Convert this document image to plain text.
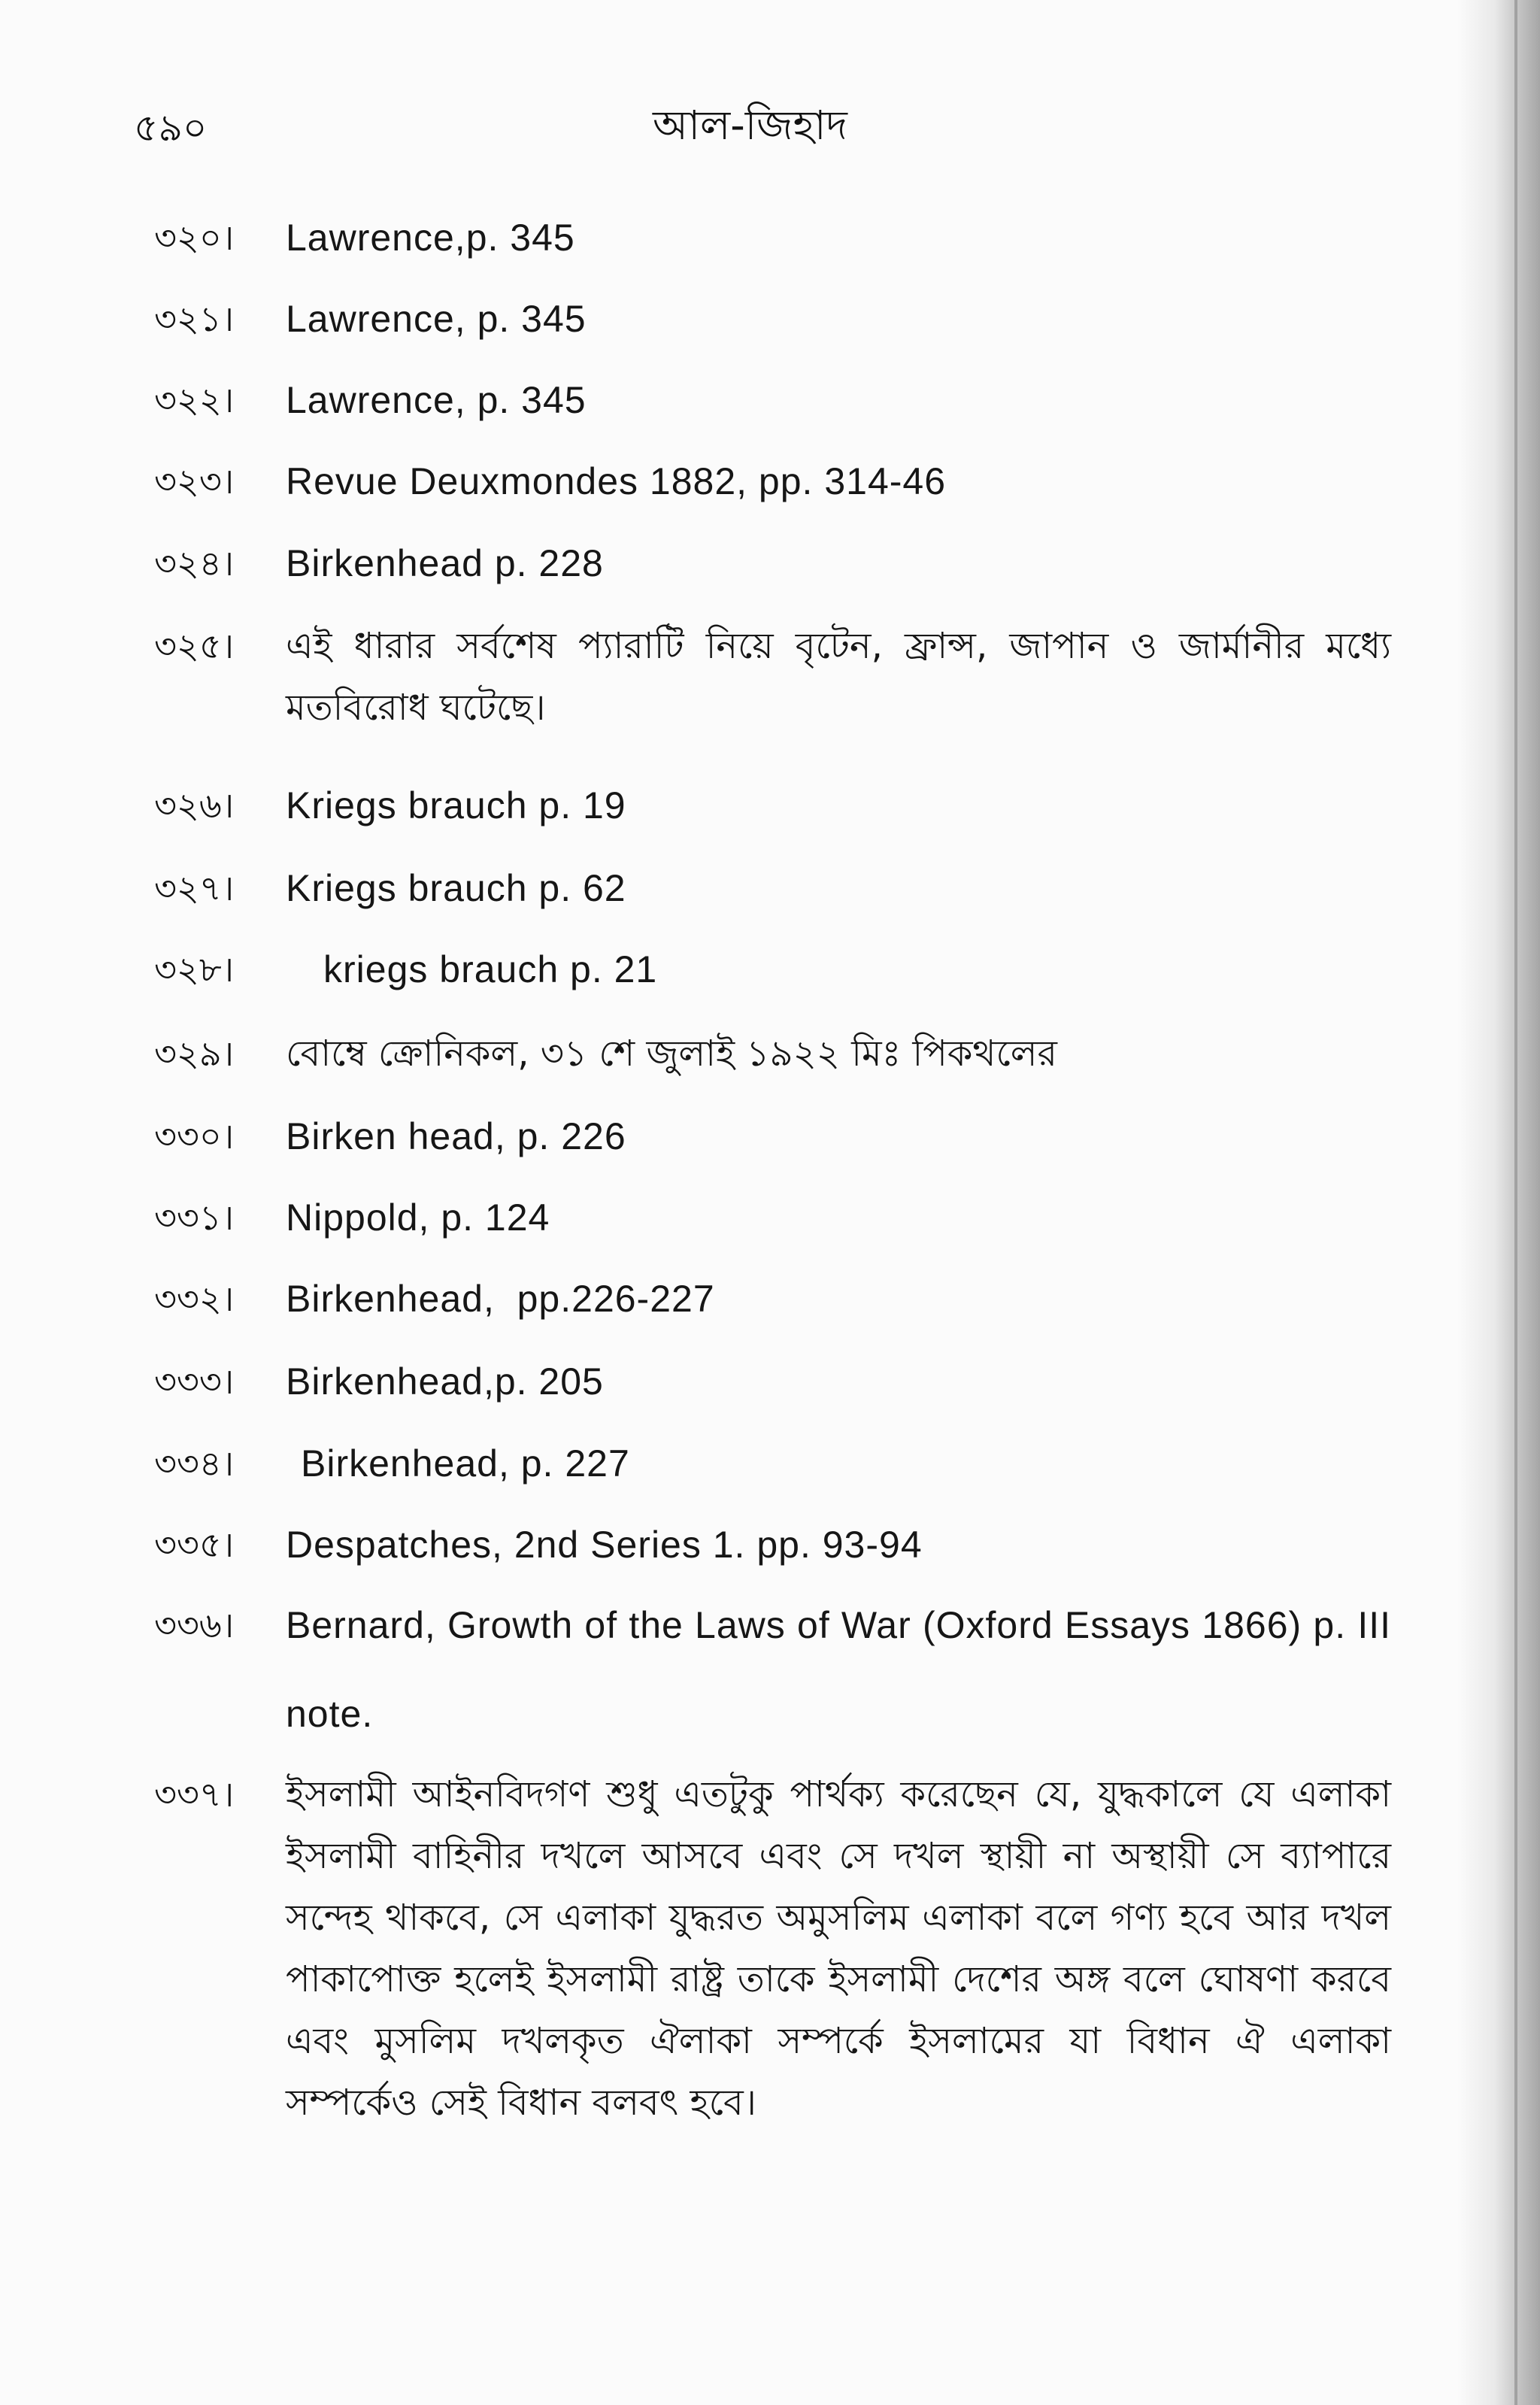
৫৯০	আল-জিহাদ
৩২০।	Lawrence,p. 345
৩২১।	Lawrence, p. 345
৩২২।	Lawrence, p. 345
৩২৩।	Revue Deuxmondes 1882, pp. 314-46
৩২৪।	Birkenhead p. 228
৩২৫।	এই ধারার সর্বশেষ প্যারাটি নিয়ে বৃটেন, ফ্রান্স, জাপান ও জার্মানীর মধ্যে মতবিরোধ ঘটেছে।
৩২৬।	Kriegs brauch p. 19
৩২৭।	Kriegs brauch p. 62
৩২৮।	kriegs brauch p. 21
৩২৯।	বোম্বে ক্রোনিকল, ৩১ শে জুলাই ১৯২২ মিঃ পিকথলের
৩৩০।	Birken head, p. 226
৩৩১।	Nippold, p. 124
৩৩২।	Birkenhead,  pp.226-227
৩৩৩।	Birkenhead,p. 205
৩৩৪।	Birkenhead, p. 227
৩৩৫।	Despatches, 2nd Series 1. pp. 93-94
৩৩৬।	Bernard, Growth of the Laws of War (Oxford Essays 1866) p. III note.
৩৩৭।	ইসলামী আইনবিদগণ শুধু এতটুকু পার্থক্য করেছেন যে, যুদ্ধকালে যে এলাকা ইসলামী বাহিনীর দখলে আসবে এবং সে দখল স্থায়ী না অস্থায়ী সে ব্যাপারে সন্দেহ থাকবে, সে এলাকা যুদ্ধরত অমুসলিম এলাকা বলে গণ্য হবে আর দখল পাকাপোক্ত হলেই ইসলামী রাষ্ট্র তাকে ইসলামী দেশের অঙ্গ বলে ঘোষণা করবে এবং মুসলিম দখলকৃত ঐলাকা সম্পর্কে ইসলামের যা বিধান ঐ এলাকা সম্পর্কেও সেই বিধান বলবৎ হবে।
